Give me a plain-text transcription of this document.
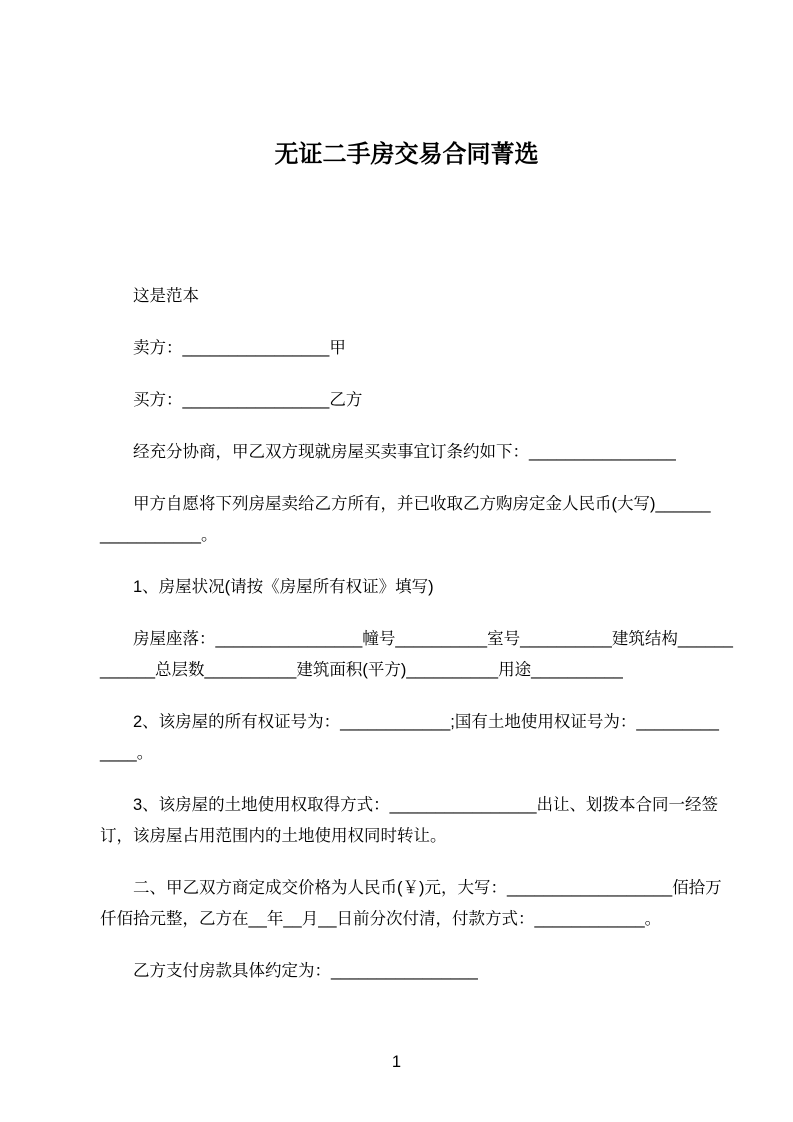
无证二手房交易合同菁选

这是范本

卖方：________________甲

买方：________________乙方

经充分协商，甲乙双方现就房屋买卖事宜订条约如下：________________

甲方自愿将下列房屋卖给乙方所有，并已收取乙方购房定金人民币(大写)______
___________。

1、房屋状况(请按《房屋所有权证》填写)

房屋座落：________________幢号__________室号__________建筑结构______
______总层数__________建筑面积(平方)__________用途__________

2、该房屋的所有权证号为：____________;国有土地使用权证号为：_________
____。

3、该房屋的土地使用权取得方式：________________出让、划拨本合同一经签
订，该房屋占用范围内的土地使用权同时转让。

二、甲乙双方商定成交价格为人民币(￥)元，大写：__________________佰拾万
仟佰拾元整，乙方在__年__月__日前分次付清，付款方式：____________。

乙方支付房款具体约定为：________________

1
